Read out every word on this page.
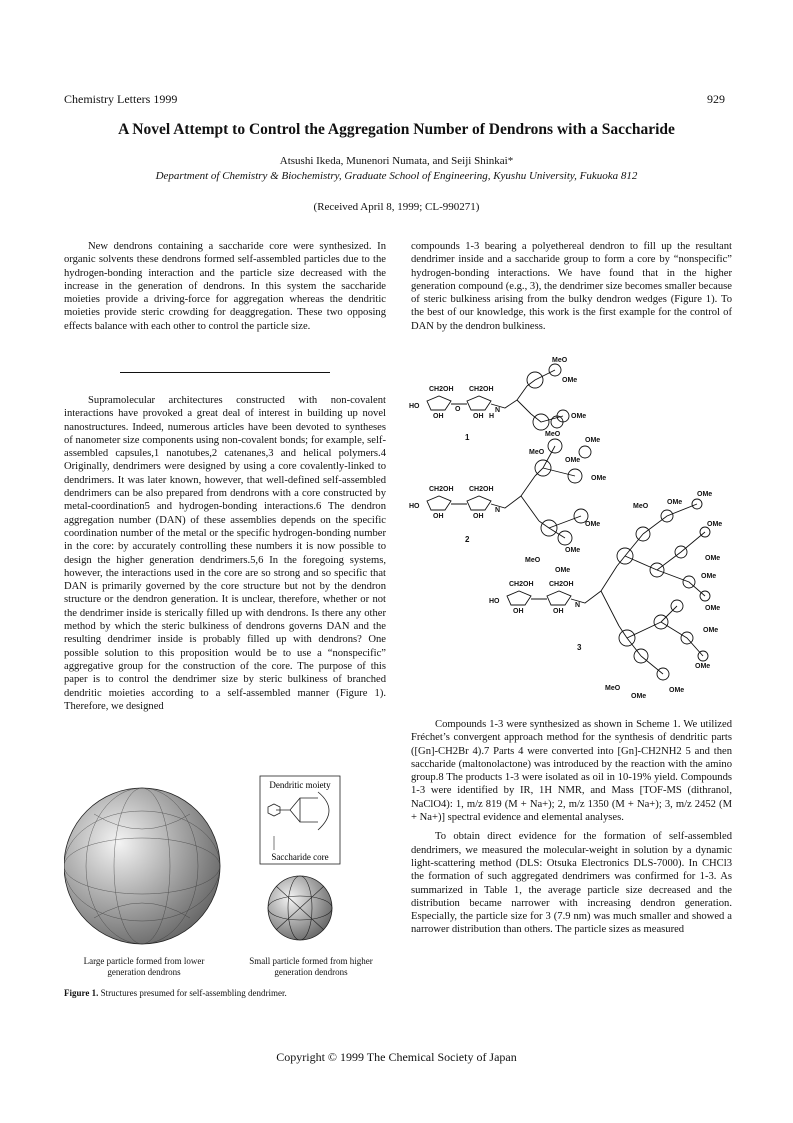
Chemistry Letters 1999	929
A Novel Attempt to Control the Aggregation Number of Dendrons with a Saccharide
Atsushi Ikeda, Munenori Numata, and Seiji Shinkai*
Department of Chemistry & Biochemistry, Graduate School of Engineering, Kyushu University, Fukuoka 812
(Received April 8, 1999; CL-990271)

New dendrons containing a saccharide core were synthesized. In organic solvents these dendrons formed self-assembled particles due to the hydrogen-bonding interaction and the particle size decreased with the increase in the generation of dendrons. In this system the saccharide moieties provide a driving-force for aggregation whereas the dendritic moieties provide steric crowding for deaggregation. These two opposing effects balance with each other to control the particle size.

Supramolecular architectures constructed with non-covalent interactions have provoked a great deal of interest in building up novel nanostructures. Indeed, numerous articles have been devoted to syntheses of nanometer size components using non-covalent bonds; for example, self-assembled capsules,1 nanotubes,2 catenanes,3 and helical polymers.4 Originally, dendrimers were designed by using a core covalently-linked to dendrimers. It was later known, however, that well-defined self-assembled dendrimers can be also prepared from dendrons with a core constructed by metal-coordination5 and hydrogen-bonding interactions.6 The dendron aggregation number (DAN) of these assemblies depends on the specific coordination number of the metal or the specific hydrogen-bonding number in the core: by accurately controlling these numbers it is now possible to design the higher generation dendrimers.5,6 In the foregoing systems, however, the interactions used in the core are so strong and so specific that DAN is primarily governed by the core structure but not by the dendron structure or the dendron generation. It is unclear, therefore, whether or not the dendrimer inside is sterically filled up with dendrons. Is there any other method by which the steric bulkiness of dendrons governs DAN and the resulting dendrimer inside is probably filled up with dendrons? One possible solution to this proposition would be to use a “nonspecific” aggregative group for the construction of the core. The purpose of this paper is to control the dendrimer size by steric bulkiness of branched dendritic moieties according to a self-assembled manner (Figure 1). Therefore, we designed

compounds 1-3 bearing a polyethereal dendron to fill up the resultant dendrimer inside and a saccharide group to form a core by “nonspecific” hydrogen-bonding interactions. We have found that in the higher generation compound (e.g., 3), the dendrimer size becomes smaller because of steric bulkiness arising from the bulky dendron wedges (Figure 1). To the best of our knowledge, this work is the first example for the control of DAN by the dendron bulkiness.

MeO
OMe
CH2OH CH2OH
HO
OH	OH
O	N
H	OMe
MeO
1
MeO
OMe
OMe
OMe
CH2OH CH2OH
HO
OH	OH
N
OMe
OMe
MeO
OMe
2
CH2OH CH2OH
HO
OH	OH
N
MeO
OMe
OMe
OMe
OMe
OMe
OMe
OMe
OMe
OMe
MeO
OMe
3

Compounds 1-3 were synthesized as shown in Scheme 1. We utilized Fréchet’s convergent approach method for the synthesis of dendritic parts ([Gn]-CH2Br 4).7 Parts 4 were converted into [Gn]-CH2NH2 5 and then saccharide (maltonolactone) was introduced by the reaction with the amino group.8 The products 1-3 were isolated as oil in 10-19% yield. Compounds 1-3 were identified by IR, 1H NMR, and Mass [TOF-MS (dithranol, NaClO4): 1, m/z 819 (M + Na+); 2, m/z 1350 (M + Na+); 3, m/z 2452 (M + Na+)] spectral evidence and elemental analyses.

To obtain direct evidence for the formation of self-assembled dendrimers, we measured the molecular-weight in solution by a dynamic light-scattering method (DLS: Otsuka Electronics DLS-7000). In CHCl3 the formation of such aggregated dendrimers was confirmed for 1-3. As summarized in Table 1, the average particle size decreased and the distribution became narrower with increasing dendron generation. Especially, the particle size for 3 (7.9 nm) was much smaller and showed a narrower distribution than others. The particle sizes as measured

Dendritic moiety
Saccharide core
Large particle formed from lower generation dendrons
Small particle formed from higher generation dendrons
Figure 1. Structures presumed for self-assembling dendrimer.
Copyright © 1999 The Chemical Society of Japan
